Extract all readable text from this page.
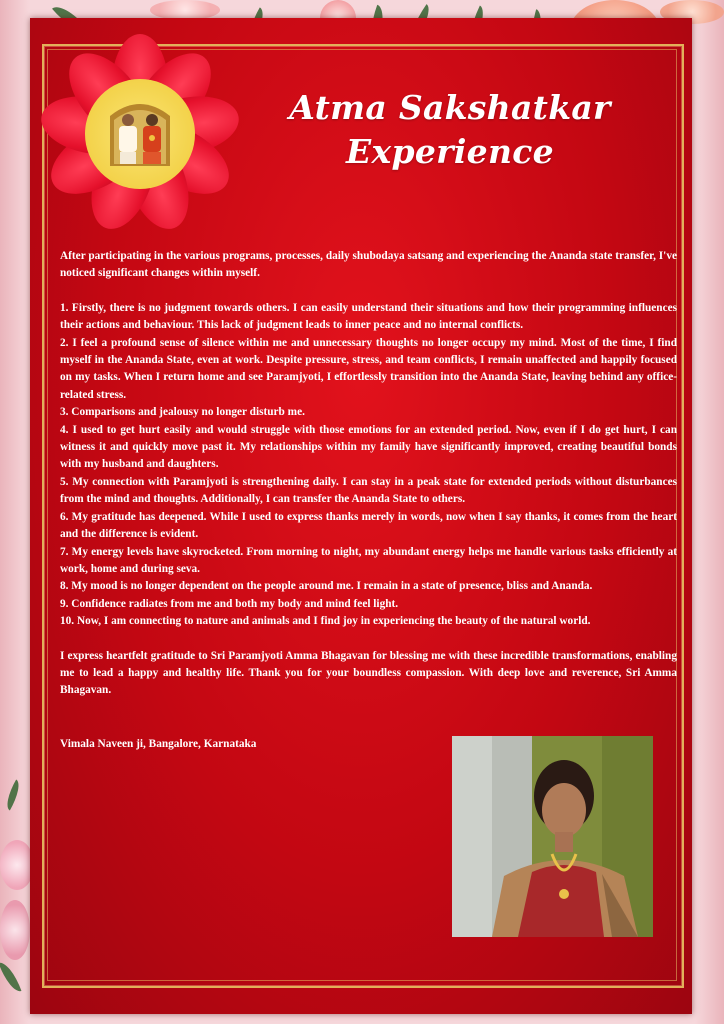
Atma Sakshatkar
Experience

After participating in the various programs, processes, daily shubodaya satsang and experiencing the Ananda state transfer, I've noticed significant changes within myself.

1. Firstly, there is no judgment towards others. I can easily understand their situations and how their programming influences their actions and behaviour. This lack of judgment leads to inner peace and no internal conflicts.

2. I feel a profound sense of silence within me and unnecessary thoughts no longer occupy my mind. Most of the time, I find myself in the Ananda State, even at work. Despite pressure, stress, and team conflicts, I remain unaffected and happily focused on my tasks. When I return home and see Paramjyoti, I effortlessly transition into the Ananda State, leaving behind any office-related stress.

3. Comparisons and jealousy no longer disturb me.

4. I used to get hurt easily and would struggle with those emotions for an extended period. Now, even if I do get hurt, I can witness it and quickly move past it. My relationships within my family have significantly improved, creating beautiful bonds with my husband and daughters.

5. My connection with Paramjyoti is strengthening daily. I can stay in a peak state for extended periods without disturbances from the mind and thoughts. Additionally, I can transfer the Ananda State to others.

6. My gratitude has deepened. While I used to express thanks merely in words, now when I say thanks, it comes from the heart and the difference is evident.

7. My energy levels have skyrocketed. From morning to night, my abundant energy helps me handle various tasks efficiently at work, home and during seva.

8. My mood is no longer dependent on the people around me. I remain in a state of presence, bliss and Ananda.

9. Confidence radiates from me and both my body and mind feel light.

10. Now, I am connecting to nature and animals and I find joy in experiencing the beauty of the natural world.

I express heartfelt gratitude to Sri Paramjyoti Amma Bhagavan for blessing me with these incredible transformations, enabling me to lead a happy and healthy life. Thank you for your boundless compassion. With deep love and reverence, Sri Amma Bhagavan.

Vimala Naveen ji, Bangalore, Karnataka
